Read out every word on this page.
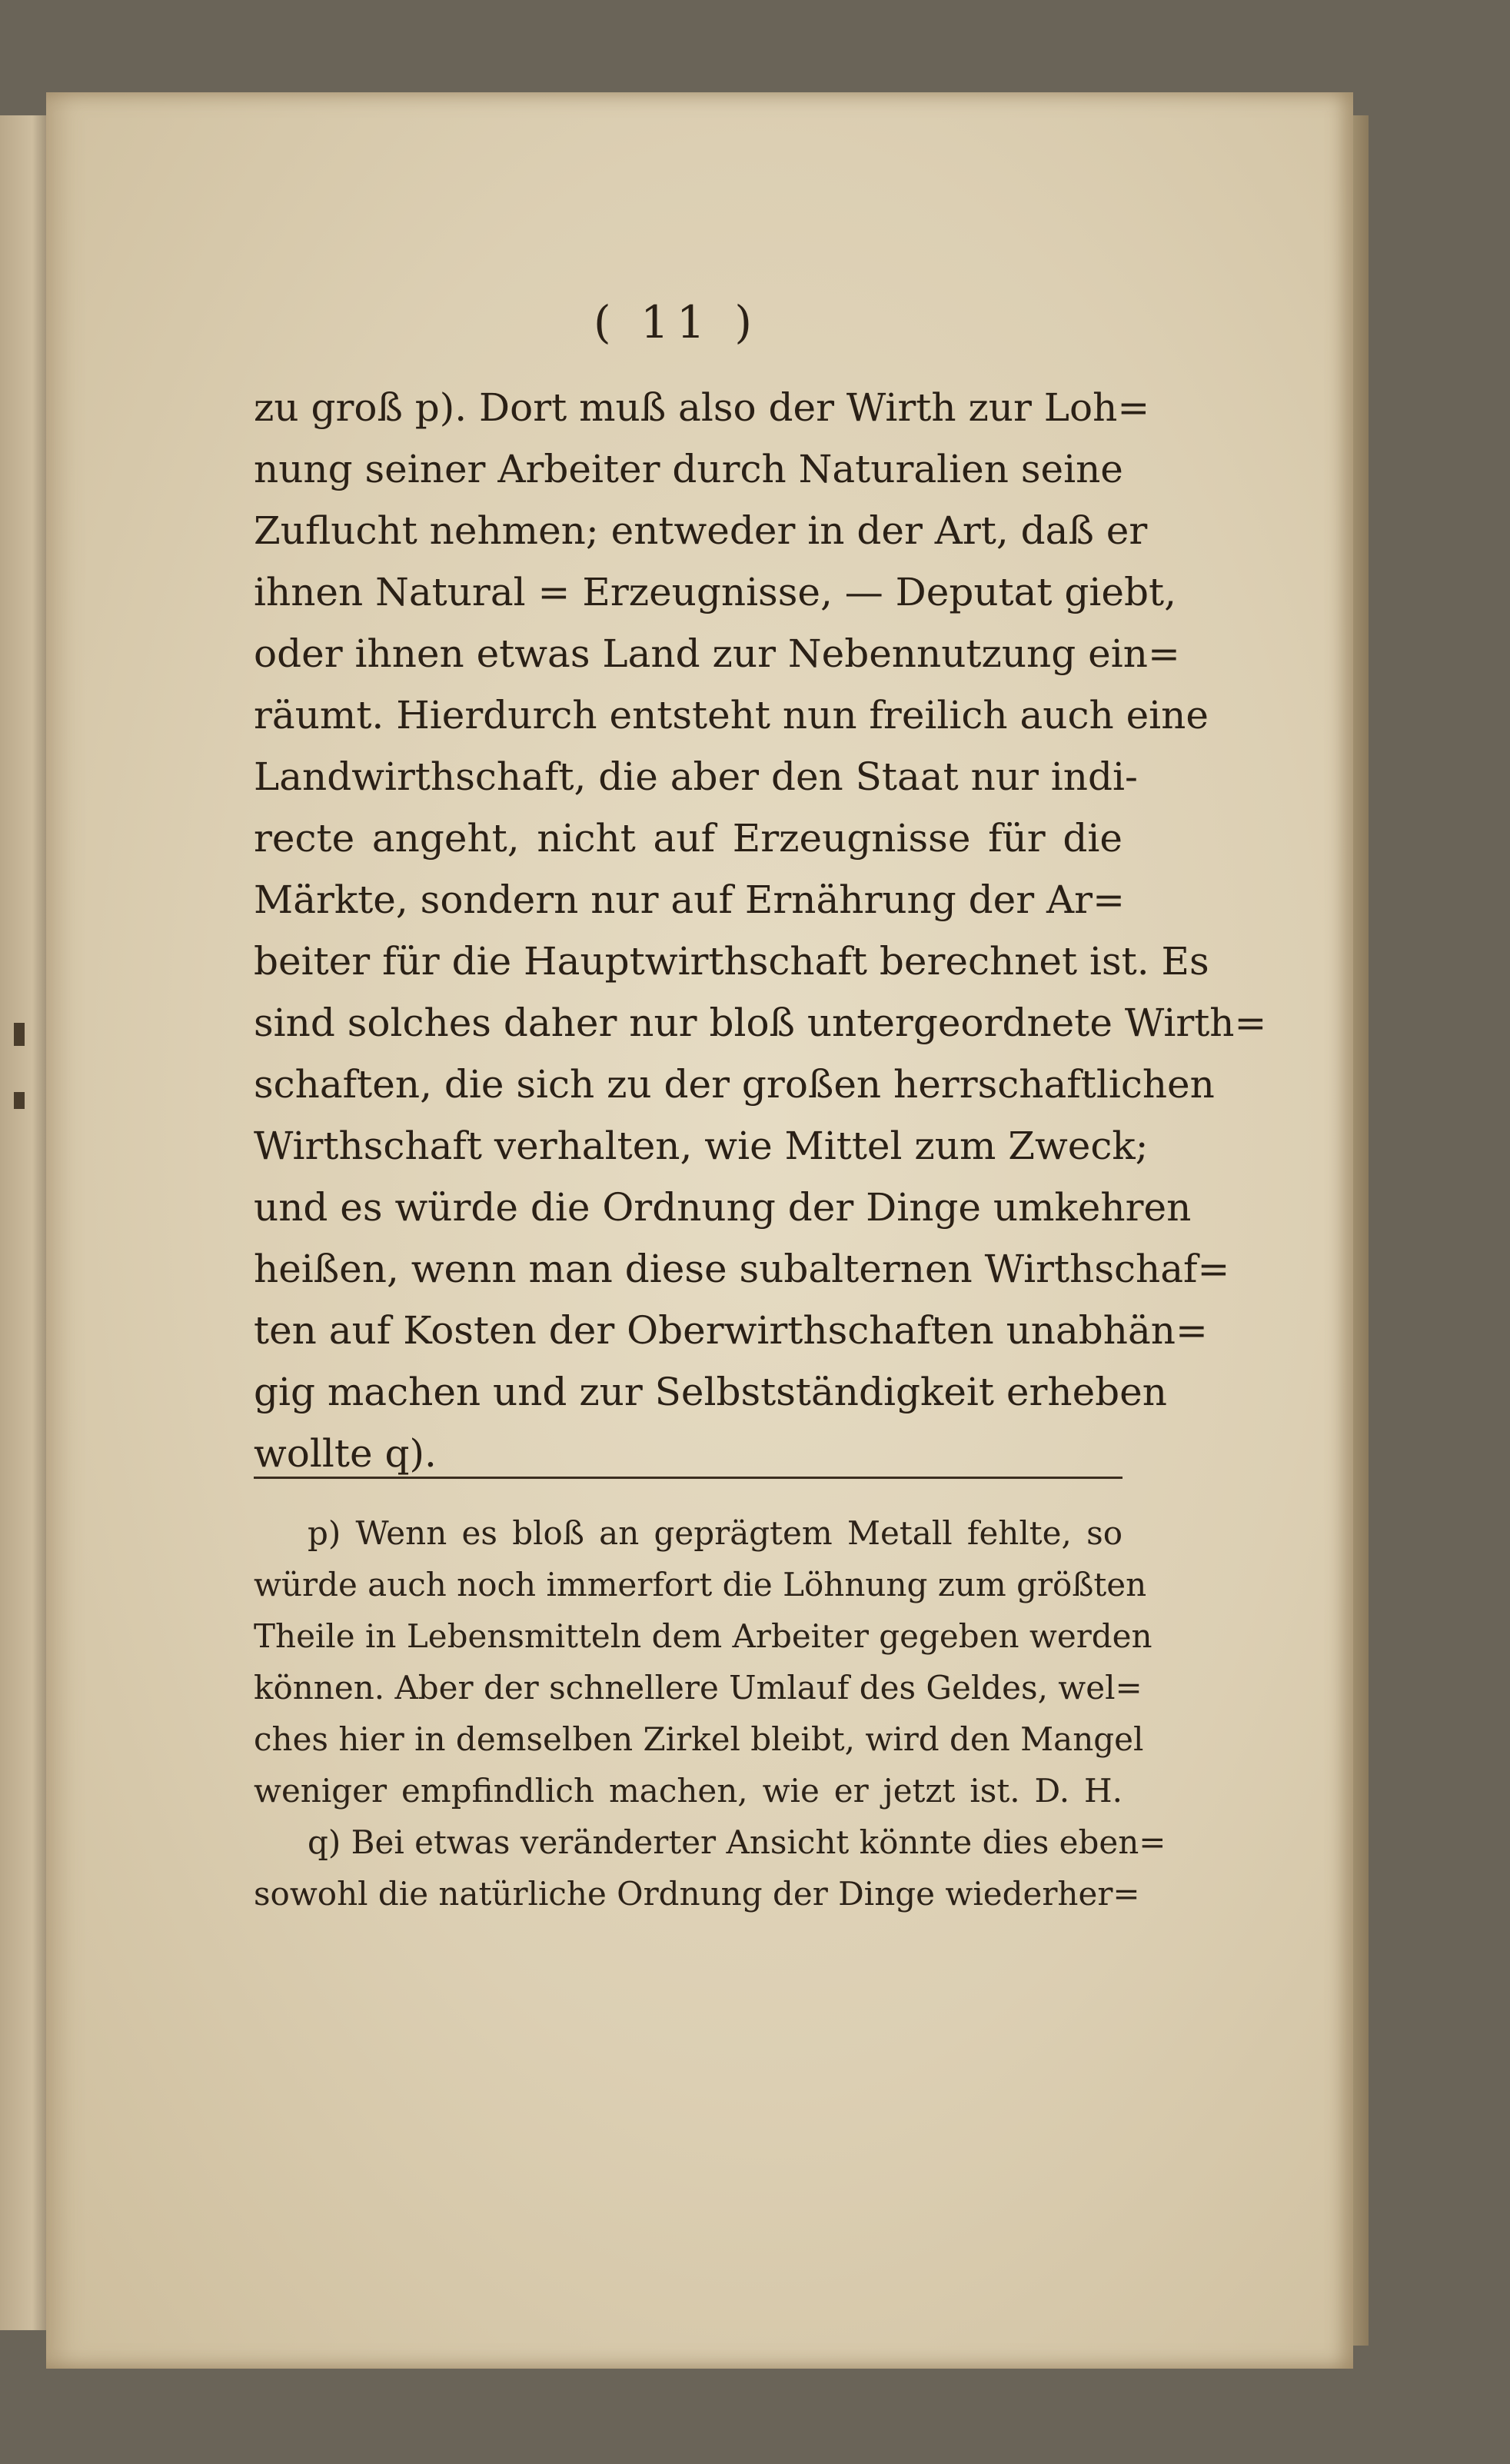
( 11 )
zu groß p). Dort muß also der Wirth zur Loh=
nung seiner Arbeiter durch Naturalien seine
Zuflucht nehmen; entweder in der Art, daß er
ihnen Natural = Erzeugnisse, — Deputat giebt,
oder ihnen etwas Land zur Nebennutzung ein=
räumt. Hierdurch entsteht nun freilich auch eine
Landwirthschaft, die aber den Staat nur indi-
recte angeht, nicht auf Erzeugnisse für die
Märkte, sondern nur auf Ernährung der Ar=
beiter für die Hauptwirthschaft berechnet ist. Es
sind solches daher nur bloß untergeordnete Wirth=
schaften, die sich zu der großen herrschaftlichen
Wirthschaft verhalten, wie Mittel zum Zweck;
und es würde die Ordnung der Dinge umkehren
heißen, wenn man diese subalternen Wirthschaf=
ten auf Kosten der Oberwirthschaften unabhän=
gig machen und zur Selbstständigkeit erheben
wollte q).
p) Wenn es bloß an geprägtem Metall fehlte, so
würde auch noch immerfort die Löhnung zum größten
Theile in Lebensmitteln dem Arbeiter gegeben werden
können. Aber der schnellere Umlauf des Geldes, wel=
ches hier in demselben Zirkel bleibt, wird den Mangel
weniger empfindlich machen, wie er jetzt ist. D. H.
q) Bei etwas veränderter Ansicht könnte dies eben=
sowohl die natürliche Ordnung der Dinge wiederher=
